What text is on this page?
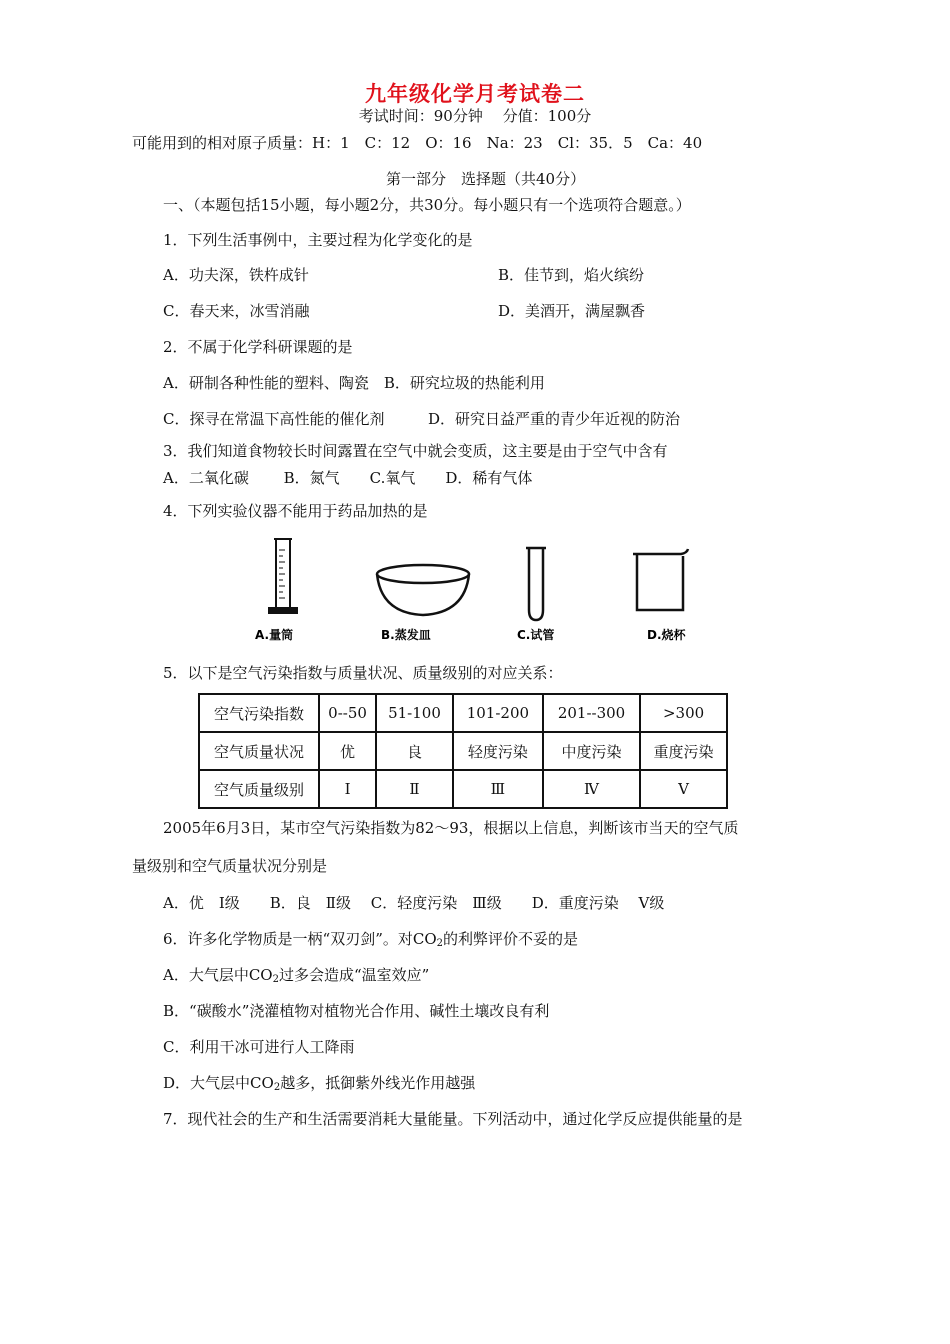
九年级化学月考试卷二
考试时间：90分钟　 分值：100分
可能用到的相对原子质量：H：1　C：12　O：16　Na：23　Cl：35．5　Ca：40
第一部分　选择题（共40分）
一、（本题包括15小题，每小题2分，共30分。每小题只有一个选项符合题意。）
1．下列生活事例中，主要过程为化学变化的是
A．功夫深，铁杵成针	B．佳节到，焰火缤纷
C．春天来，冰雪消融	D．美酒开，满屋飘香
2．不属于化学科研课题的是
A．研制各种性能的塑料、陶瓷　B．研究垃圾的热能利用
C．探寻在常温下高性能的催化剂	D．研究日益严重的青少年近视的防治
3．我们知道食物较长时间露置在空气中就会变质，这主要是由于空气中含有
A．二氧化碳　　 B．氮气　　C.氧气　　D．稀有气体
4．下列实验仪器不能用于药品加热的是
A.量筒	B.蒸发皿	C.试管	D.烧杯
5．以下是空气污染指数与质量状况、质量级别的对应关系：
空气污染指数	0--50	51-100	101-200	201--300	>300
空气质量状况	优	良	轻度污染	中度污染	重度污染
空气质量级别	Ⅰ	Ⅱ	Ⅲ	Ⅳ	Ⅴ
2005年6月3日，某市空气污染指数为82～93，根据以上信息，判断该市当天的空气质
量级别和空气质量状况分别是
A．优　Ⅰ级　　B．良　Ⅱ级　 C．轻度污染　Ⅲ级　　D．重度污染　 Ⅴ级
6．许多化学物质是一柄“双刃剑”。对$CO_2$的利弊评价不妥的是
A．大气层中$CO_2$过多会造成“温室效应”
B．“碳酸水”浇灌植物对植物光合作用、碱性土壤改良有利
C．利用干冰可进行人工降雨
D．大气层中$CO_2$越多，抵御紫外线光作用越强
7．现代社会的生产和生活需要消耗大量能量。下列活动中，通过化学反应提供能量的是
